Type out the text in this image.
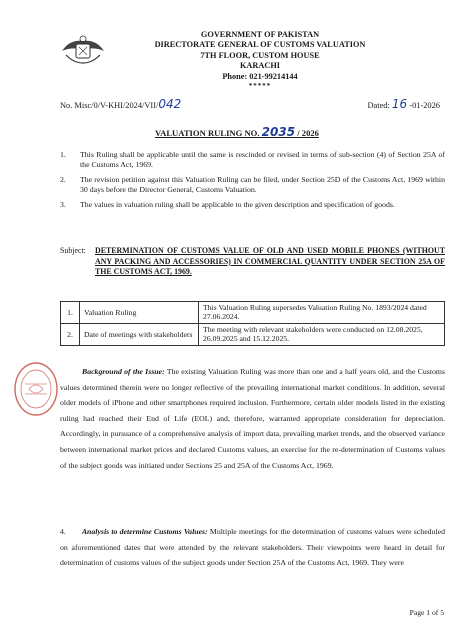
GOVERNMENT OF PAKISTAN
DIRECTORATE GENERAL OF CUSTOMS VALUATION
7TH FLOOR, CUSTOM HOUSE
KARACHI
Phone: 021-99214144
*****
No. Misc/0/V-KHI/2024/VII/042	Dated: 16 -01-2026
VALUATION RULING NO. 2035 / 2026
1. This Ruling shall be applicable until the same is rescinded or revised in terms of sub-section (4) of Section 25A of the Customs Act, 1969.
2. The revision petition against this Valuation Ruling can be filed, under Section 25D of the Customs Act, 1969 within 30 days before the Director General, Customs Valuation.
3. The values in valuation ruling shall be applicable to the given description and specification of goods.
Subject: DETERMINATION OF CUSTOMS VALUE OF OLD AND USED MOBILE PHONES (WITHOUT ANY PACKING AND ACCESSORIES) IN COMMERCIAL QUANTITY UNDER SECTION 25A OF THE CUSTOMS ACT, 1969.
1.	Valuation Ruling	This Valuation Ruling supersedes Valuation Ruling No. 1893/2024 dated 27.06.2024.
2.	Date of meetings with stakeholders	The meeting with relevant stakeholders were conducted on 12.08.2025, 26.09.2025 and 15.12.2025.
Background of the Issue: The existing Valuation Ruling was more than one and a half years old, and the Customs values determined therein were no longer reflective of the prevailing international market conditions. In addition, several older models of iPhone and other smartphones required inclusion. Furthermore, certain older models listed in the existing ruling had reached their End of Life (EOL) and, therefore, warranted appropriate consideration for depreciation. Accordingly, in pursuance of a comprehensive analysis of import data, prevailing market trends, and the observed variance between international market prices and declared Customs values, an exercise for the re-determination of Customs values of the subject goods was initiated under Sections 25 and 25A of the Customs Act, 1969.
4. Analysis to determine Customs Values: Multiple meetings for the determination of customs values were scheduled on aforementioned dates that were attended by the relevant stakeholders. Their viewpoints were heard in detail for determination of customs values of the subject goods under Section 25A of the Customs Act, 1969. They were
Page 1 of 5
